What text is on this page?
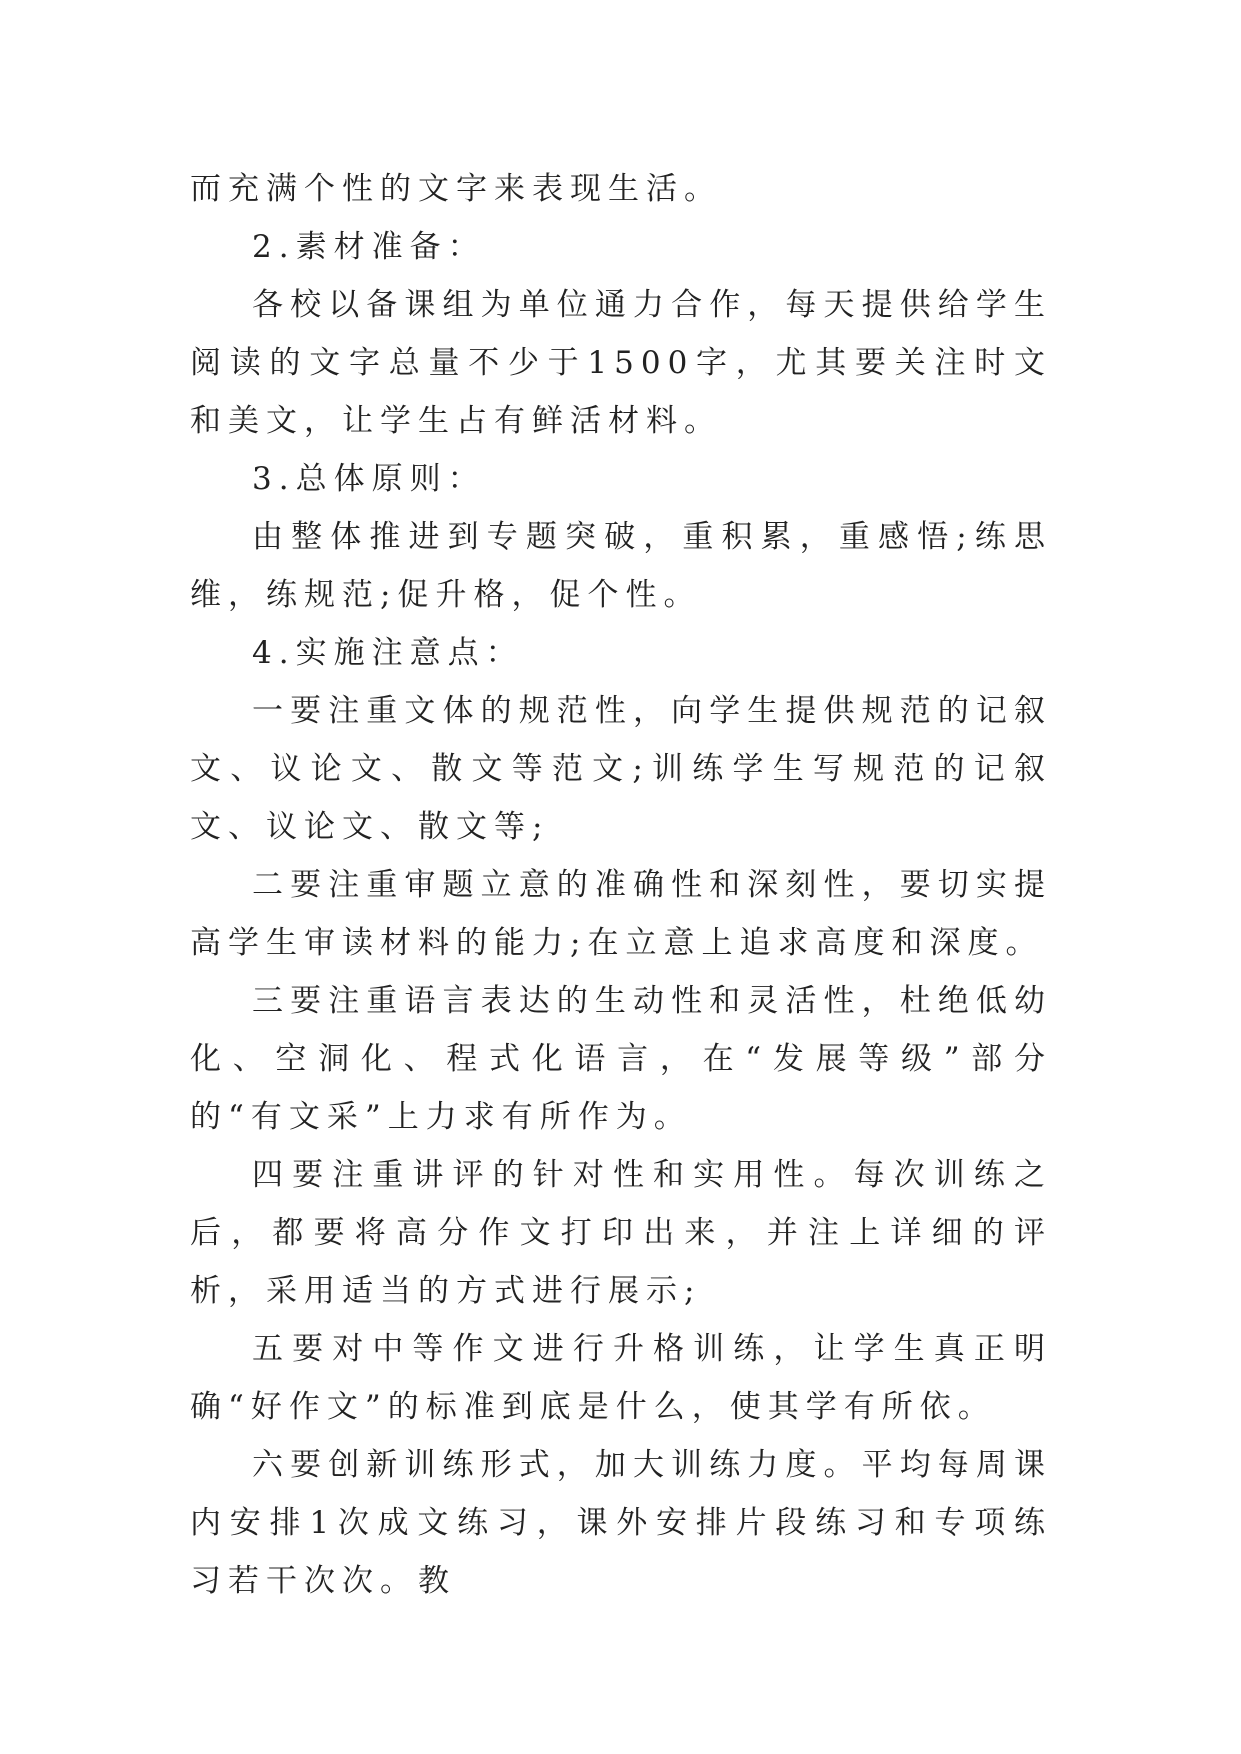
而充满个性的文字来表现生活。

2.素材准备：

各校以备课组为单位通力合作，每天提供给学生阅读的文字总量不少于1500字，尤其要关注时文和美文，让学生占有鲜活材料。

3.总体原则：

由整体推进到专题突破，重积累，重感悟;练思维，练规范;促升格，促个性。

4.实施注意点：

一要注重文体的规范性，向学生提供规范的记叙文、议论文、散文等范文;训练学生写规范的记叙文、议论文、散文等;

二要注重审题立意的准确性和深刻性，要切实提高学生审读材料的能力;在立意上追求高度和深度。

三要注重语言表达的生动性和灵活性，杜绝低幼化、空洞化、程式化语言，在“发展等级”部分的“有文采”上力求有所作为。

四要注重讲评的针对性和实用性。每次训练之后，都要将高分作文打印出来，并注上详细的评析，采用适当的方式进行展示;

五要对中等作文进行升格训练，让学生真正明确“好作文”的标准到底是什么，使其学有所依。

六要创新训练形式，加大训练力度。平均每周课内安排1次成文练习，课外安排片段练习和专项练习若干次次。教
